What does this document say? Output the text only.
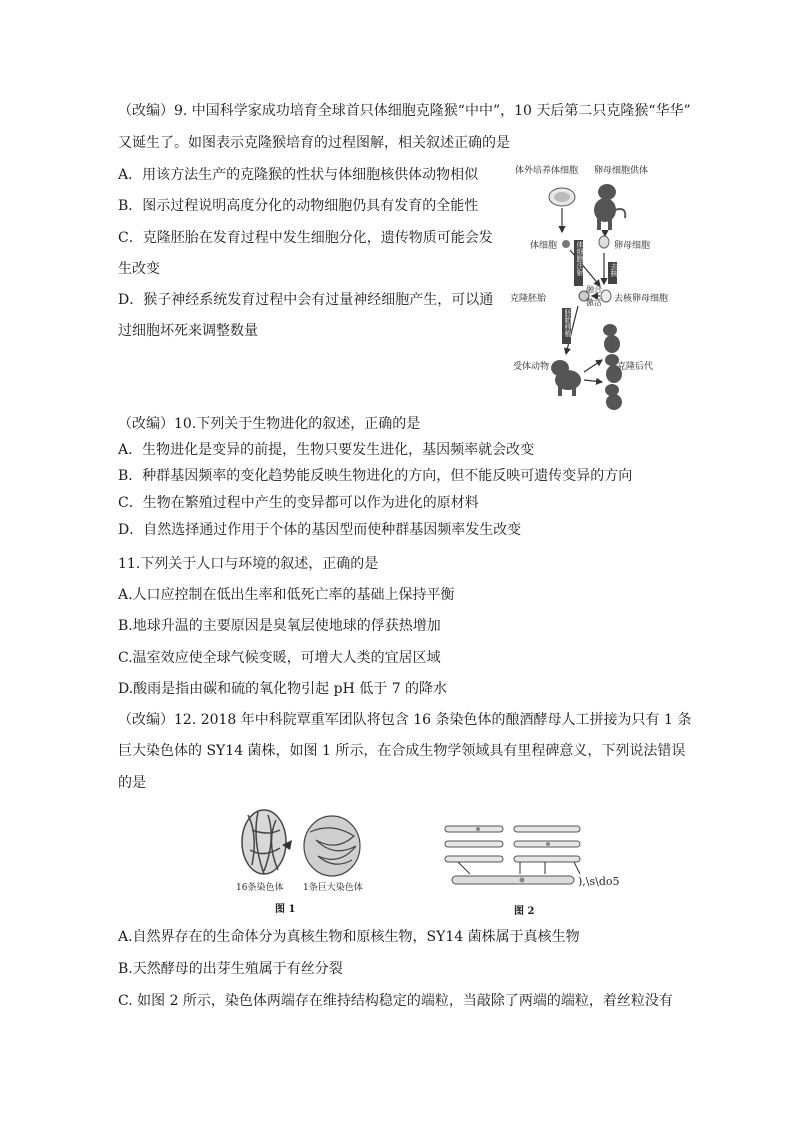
（改编）9. 中国科学家成功培育全球首只体细胞克隆猴“中中”，10 天后第二只克隆猴“华华”
又诞生了。如图表示克隆猴培育的过程图解，相关叙述正确的是
A．用该方法生产的克隆猴的性状与体细胞核供体动物相似
B．图示过程说明高度分化的动物细胞仍具有发育的全能性
C．克隆胚胎在发育过程中发生细胞分化，遗传物质可能会发
生改变
D．猴子神经系统发育过程中会有过量神经细胞产生，可以通
过细胞坏死来调整数量
体外培养体细胞 卵母细胞供体
体细胞	卵母细胞
体细胞注射	去核
融合
激活
克隆胚胎	去核卵母细胞
胚胎移植
受体动物	克隆后代
（改编）10.下列关于生物进化的叙述，正确的是
A．生物进化是变异的前提，生物只要发生进化，基因频率就会改变
B．种群基因频率的变化趋势能反映生物进化的方向，但不能反映可遗传变异的方向
C．生物在繁殖过程中产生的变异都可以作为进化的原材料
D．自然选择通过作用于个体的基因型而使种群基因频率发生改变
11.下列关于人口与环境的叙述，正确的是
A.人口应控制在低出生率和低死亡率的基础上保持平衡
B.地球升温的主要原因是臭氧层使地球的俘获热增加
C.温室效应使全球气候变暖，可增大人类的宜居区域
D.酸雨是指由碳和硫的氧化物引起 pH 低于 7 的降水
（改编）12. 2018 年中科院覃重军团队将包含 16 条染色体的酿酒酵母人工拼接为只有 1 条
巨大染色体的 SY14 菌株，如图 1 所示，在合成生物学领域具有里程碑意义，下列说法错误
的是
16条染色体 1条巨大染色体
图 1
),\s\do5
图 2
A.自然界存在的生命体分为真核生物和原核生物，SY14 菌株属于真核生物
B.天然酵母的出芽生殖属于有丝分裂
C. 如图 2 所示，染色体两端存在维持结构稳定的端粒，当敲除了两端的端粒，着丝粒没有
